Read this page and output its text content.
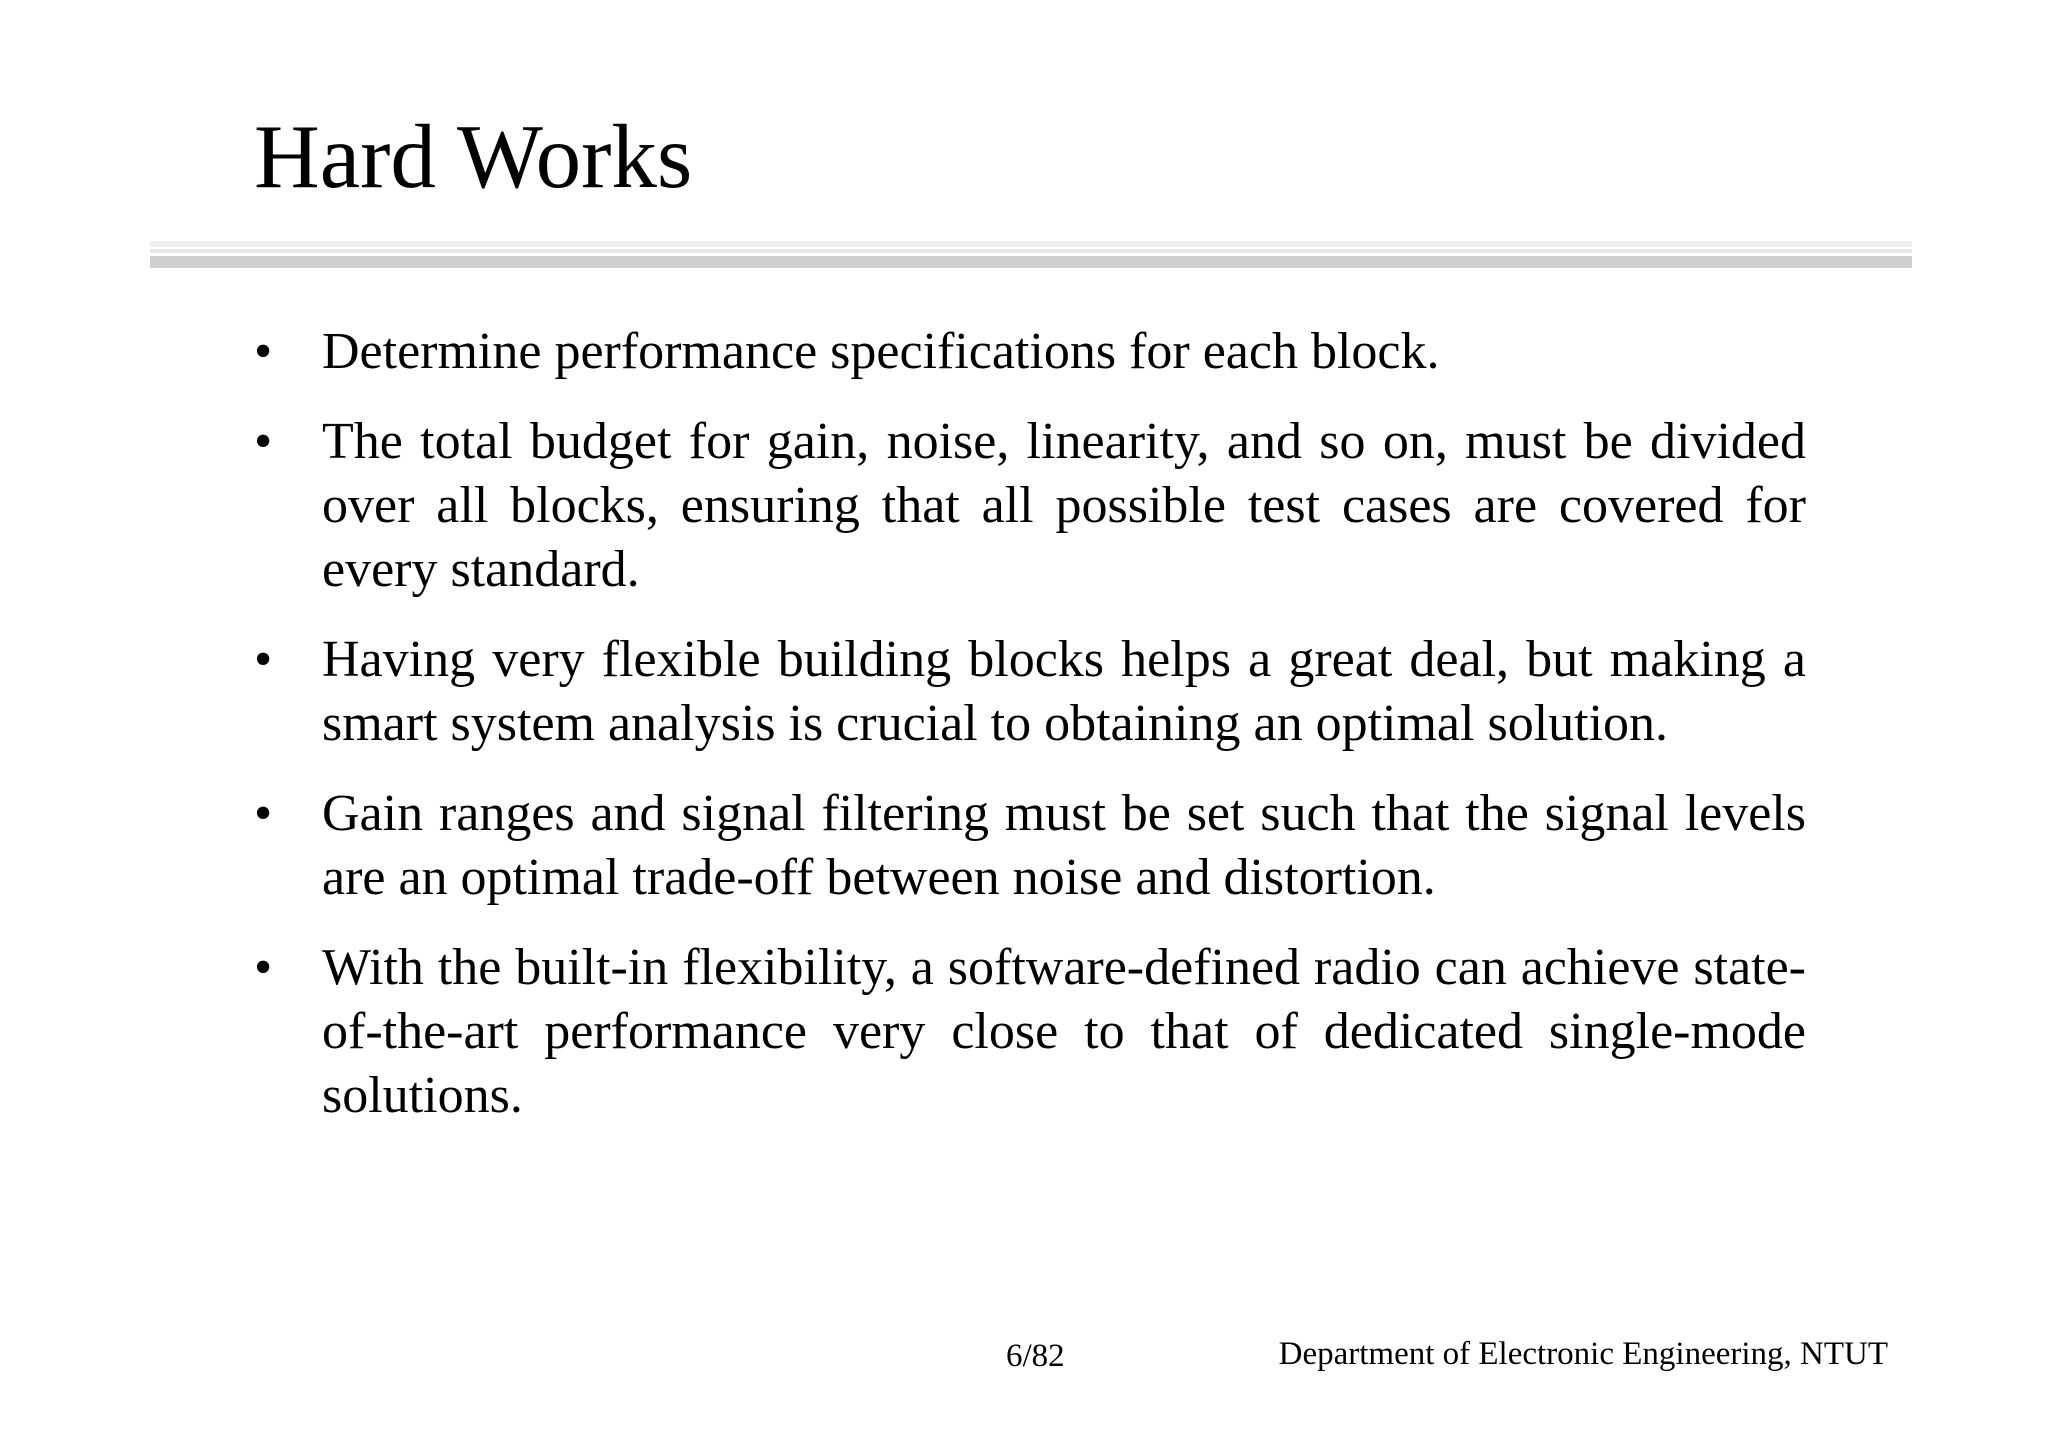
Hard Works
• Determine performance specifications for each block.
• The total budget for gain, noise, linearity, and so on, must be divided over all blocks, ensuring that all possible test cases are covered for every standard.
• Having very flexible building blocks helps a great deal, but making a smart system analysis is crucial to obtaining an optimal solution.
• Gain ranges and signal filtering must be set such that the signal levels are an optimal trade-off between noise and distortion.
• With the built-in flexibility, a software-defined radio can achieve state-of-the-art performance very close to that of dedicated single-mode solutions.
6/82	Department of Electronic Engineering, NTUT
